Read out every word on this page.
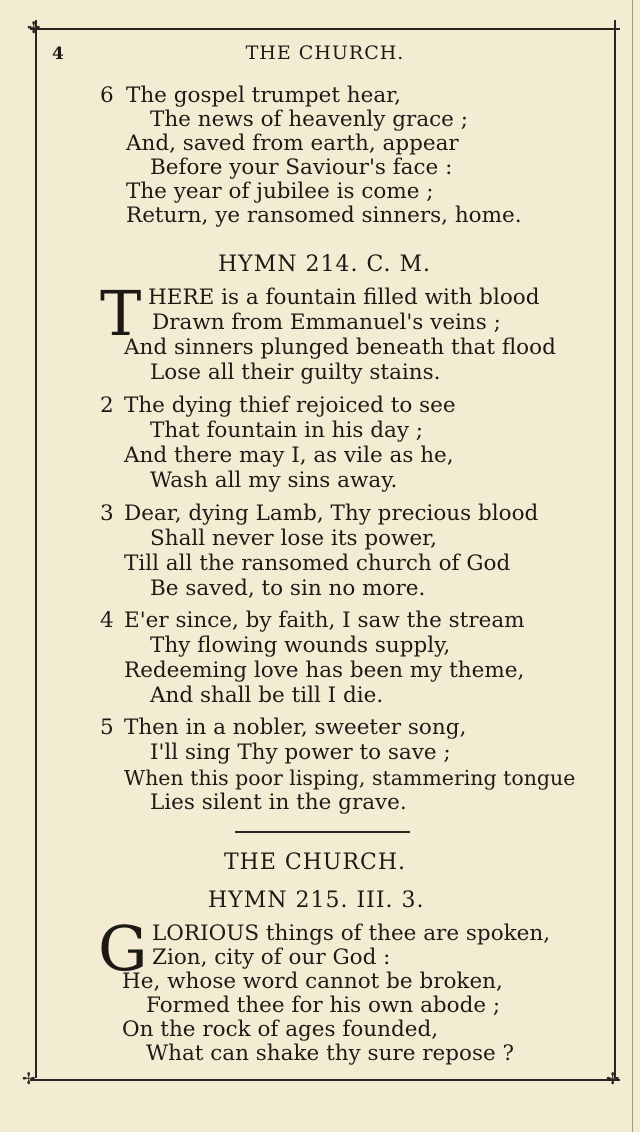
✢
✢	✢
4	THE CHURCH.
6 The gospel trumpet hear,
The news of heavenly grace ;
And, saved from earth, appear
Before your Saviour's face :
The year of jubilee is come ;
Return, ye ransomed sinners, home.
HYMN 214. C. M.
T HERE is a fountain filled with blood
Drawn from Emmanuel's veins ;
And sinners plunged beneath that flood
Lose all their guilty stains.
2 The dying thief rejoiced to see
That fountain in his day ;
And there may I, as vile as he,
Wash all my sins away.
3 Dear, dying Lamb, Thy precious blood
Shall never lose its power,
Till all the ransomed church of God
Be saved, to sin no more.
4 E'er since, by faith, I saw the stream
Thy flowing wounds supply,
Redeeming love has been my theme,
And shall be till I die.
5 Then in a nobler, sweeter song,
I'll sing Thy power to save ;
When this poor lisping, stammering tongue
Lies silent in the grave.
THE CHURCH.
HYMN 215. III. 3.
G LORIOUS things of thee are spoken,
Zion, city of our God :
He, whose word cannot be broken,
Formed thee for his own abode ;
On the rock of ages founded,
What can shake thy sure repose ?
